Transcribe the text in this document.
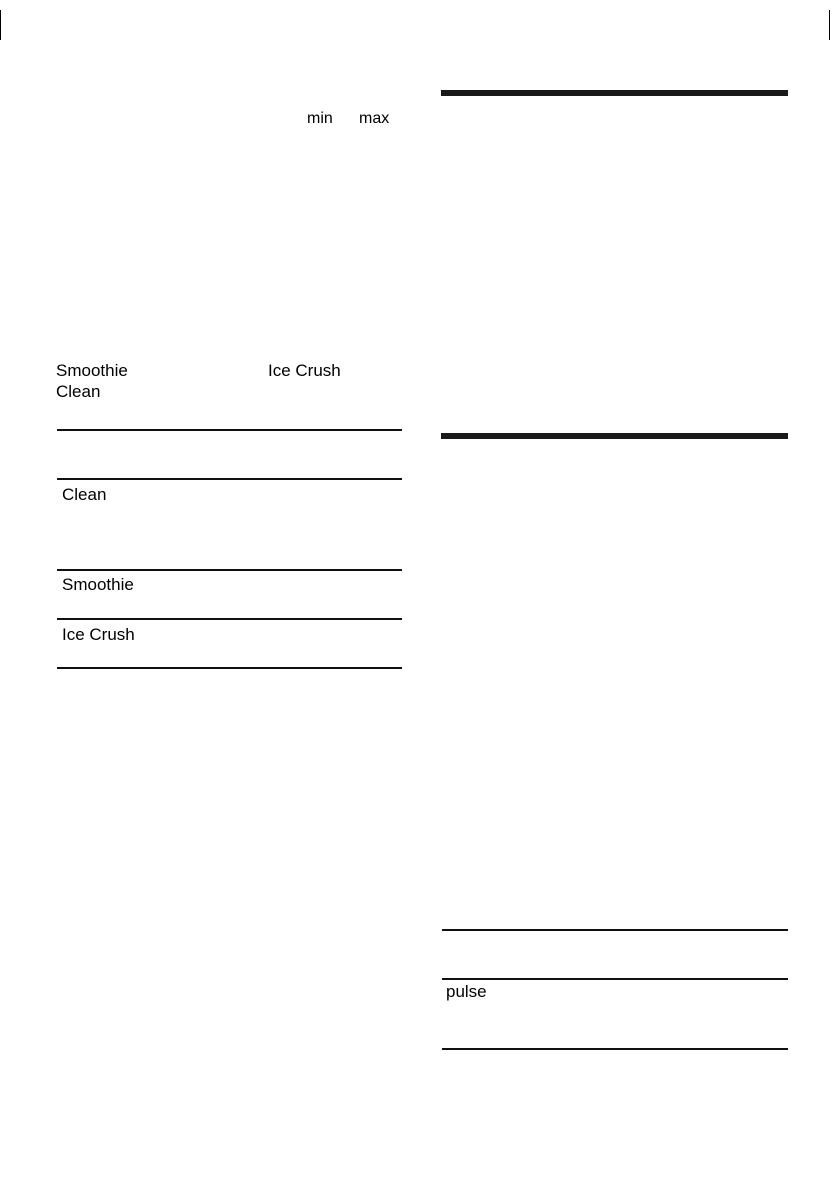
min max
Smoothie	Ice Crush
Clean
Clean
Smoothie
Ice Crush
pulse
